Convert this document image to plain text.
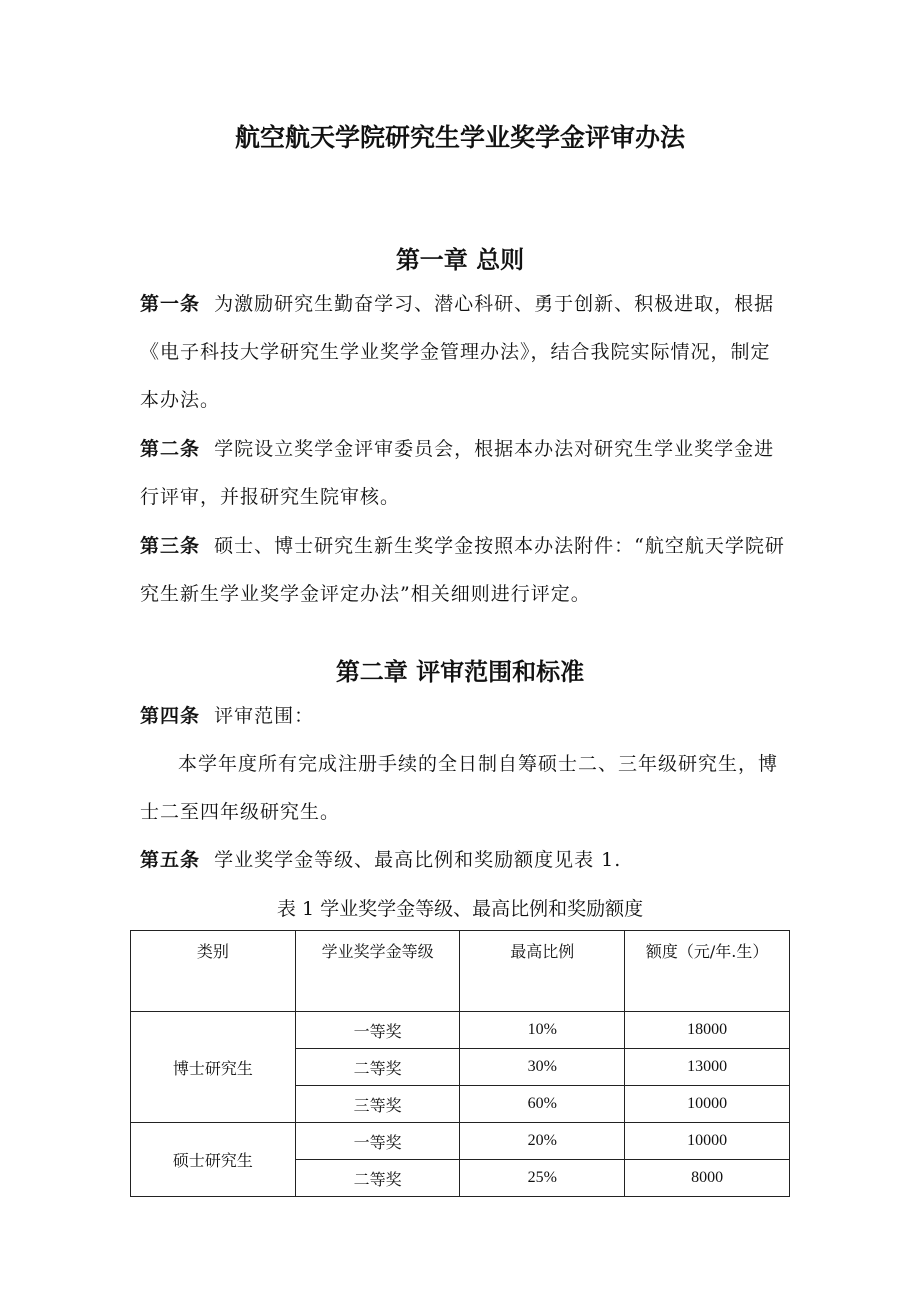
航空航天学院研究生学业奖学金评审办法
第一章 总则
第一条 为激励研究生勤奋学习、潜心科研、勇于创新、积极进取，根据《电子科技大学研究生学业奖学金管理办法》，结合我院实际情况，制定本办法。
第二条 学院设立奖学金评审委员会，根据本办法对研究生学业奖学金进行评审，并报研究生院审核。
第三条 硕士、博士研究生新生奖学金按照本办法附件：“航空航天学院研究生新生学业奖学金评定办法”相关细则进行评定。
第二章 评审范围和标准
第四条 评审范围：
本学年度所有完成注册手续的全日制自筹硕士二、三年级研究生，博士二至四年级研究生。
第五条 学业奖学金等级、最高比例和奖励额度见表 1.
表 1 学业奖学金等级、最高比例和奖励额度
类别	学业奖学金等级	最高比例	额度（元/年.生）
博士研究生	一等奖	10%	18000
	二等奖	30%	13000
	三等奖	60%	10000
硕士研究生	一等奖	20%	10000
	二等奖	25%	8000
